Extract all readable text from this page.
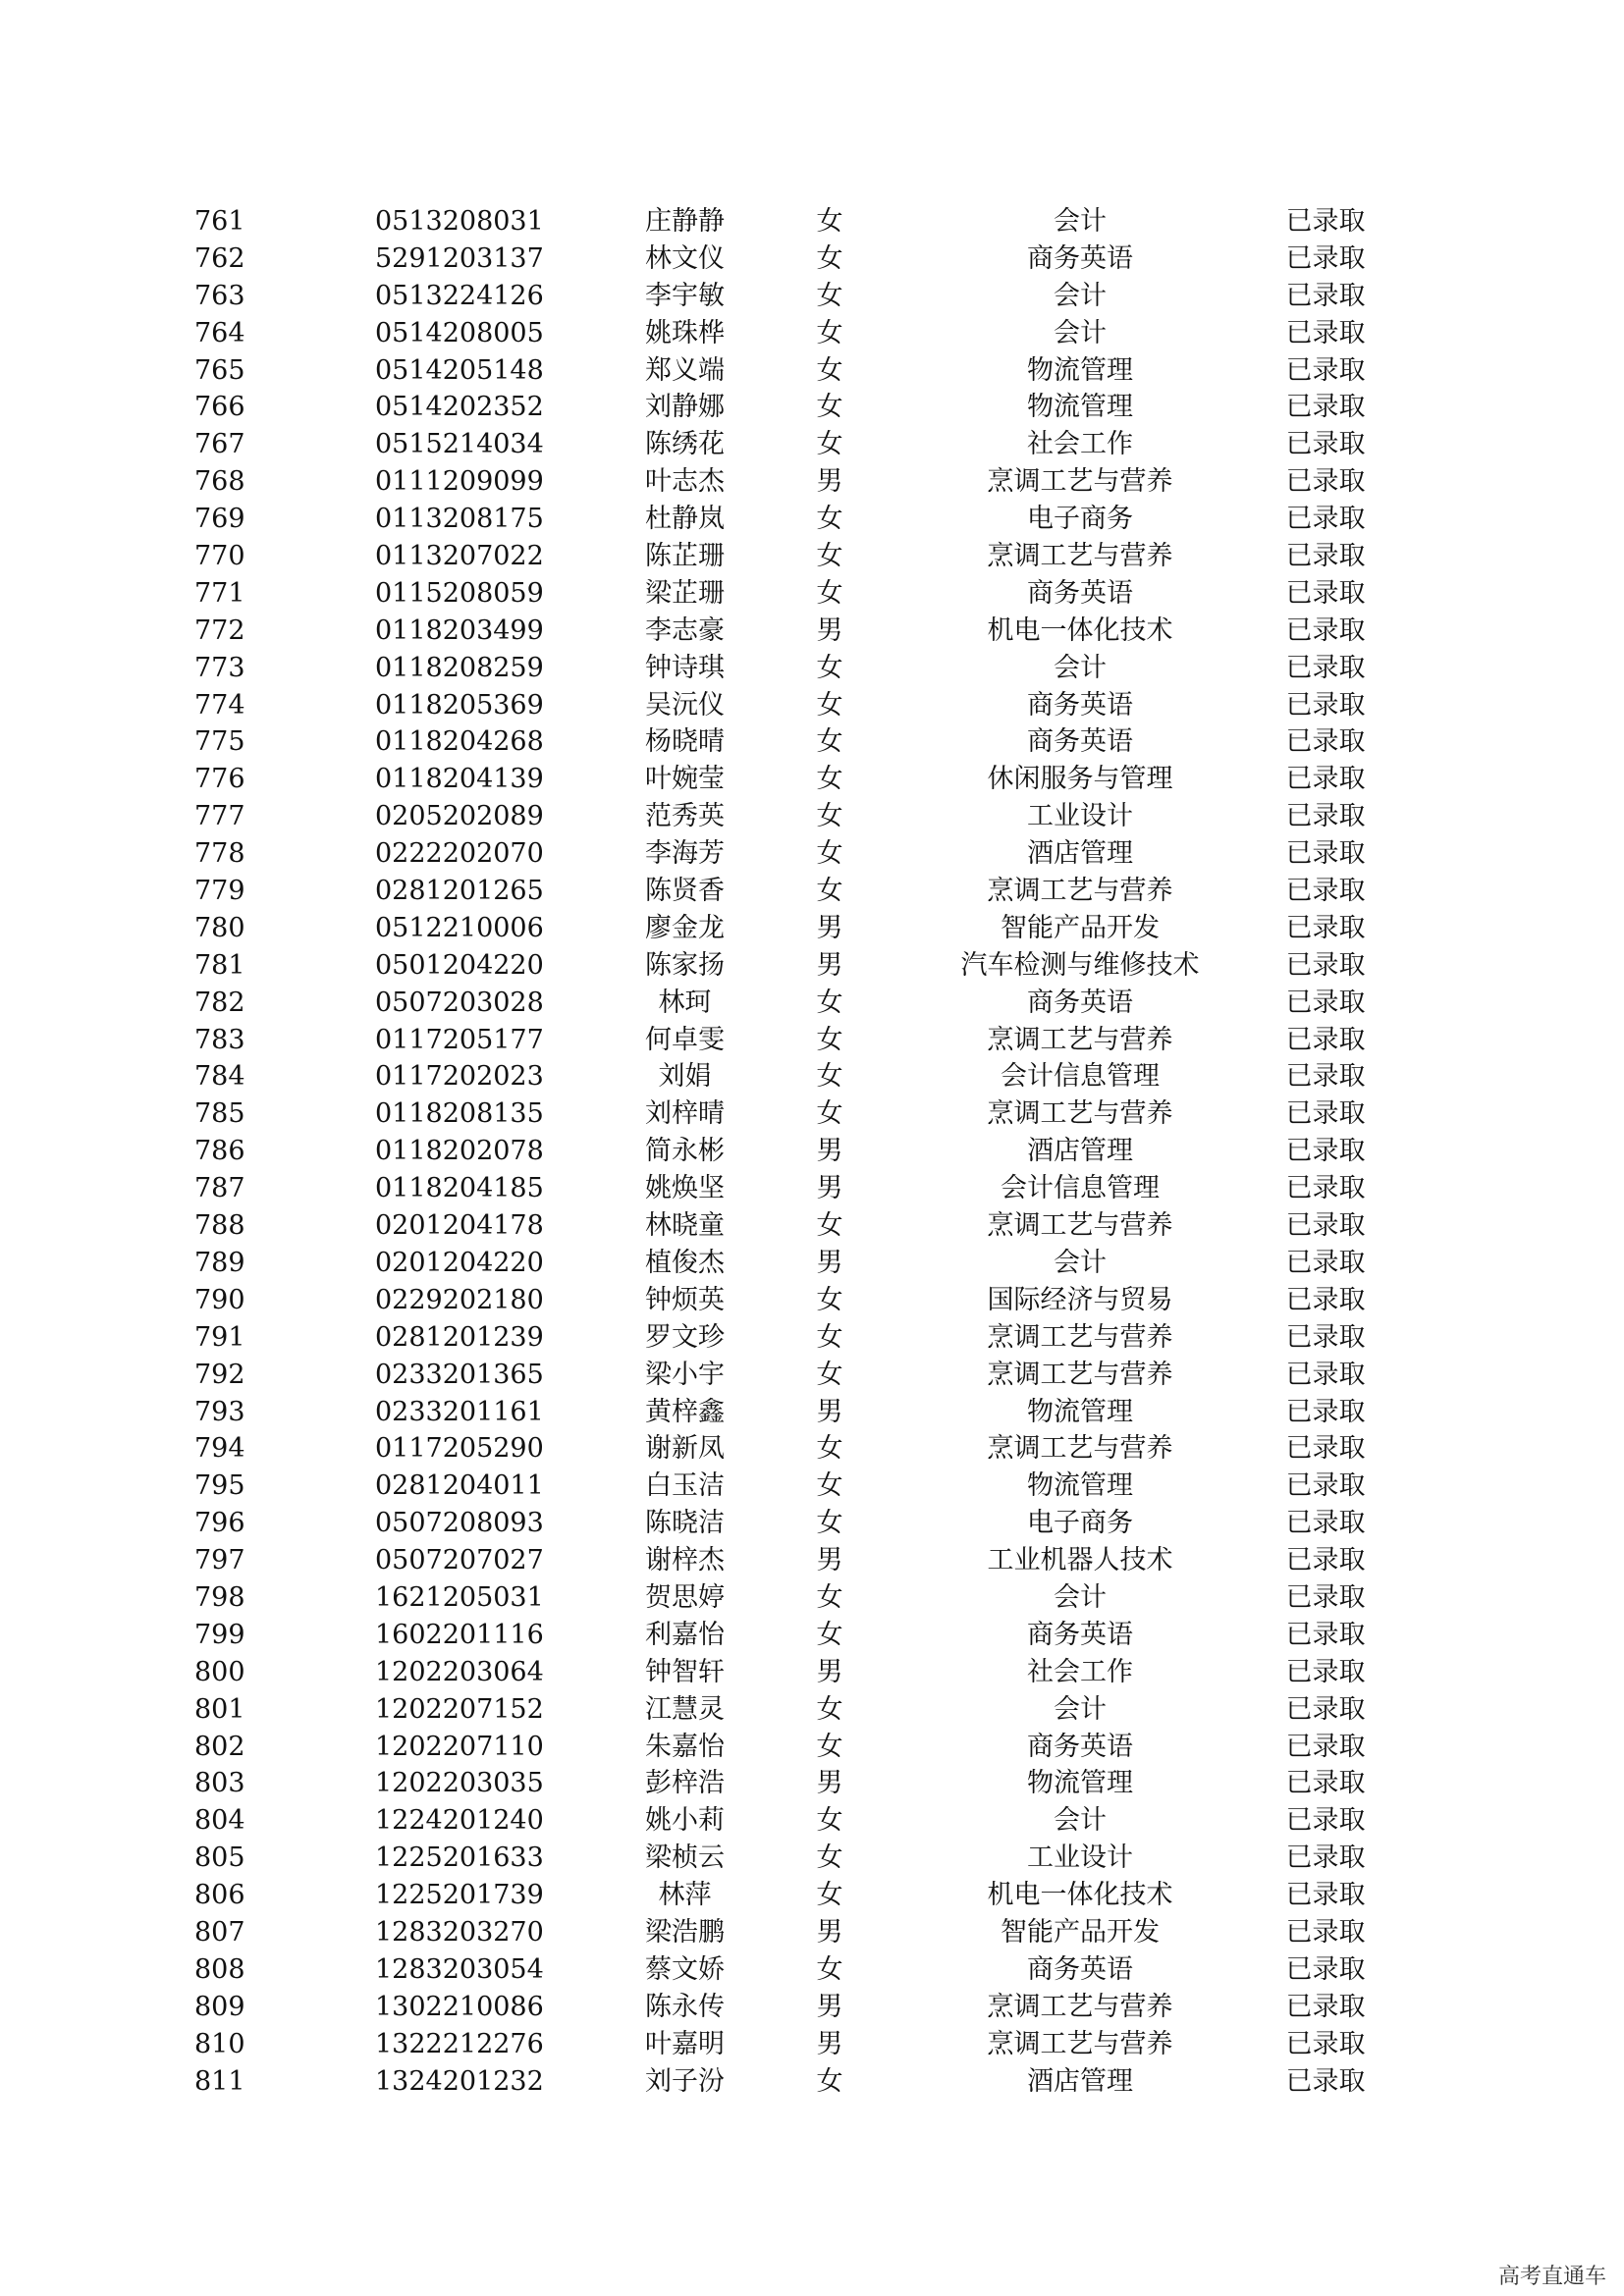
761	0513208031	庄静静	女	会计	已录取
762	5291203137	林文仪	女	商务英语	已录取
763	0513224126	李宇敏	女	会计	已录取
764	0514208005	姚珠桦	女	会计	已录取
765	0514205148	郑义端	女	物流管理	已录取
766	0514202352	刘静娜	女	物流管理	已录取
767	0515214034	陈绣花	女	社会工作	已录取
768	0111209099	叶志杰	男	烹调工艺与营养	已录取
769	0113208175	杜静岚	女	电子商务	已录取
770	0113207022	陈芷珊	女	烹调工艺与营养	已录取
771	0115208059	梁芷珊	女	商务英语	已录取
772	0118203499	李志豪	男	机电一体化技术	已录取
773	0118208259	钟诗琪	女	会计	已录取
774	0118205369	吴沅仪	女	商务英语	已录取
775	0118204268	杨晓晴	女	商务英语	已录取
776	0118204139	叶婉莹	女	休闲服务与管理	已录取
777	0205202089	范秀英	女	工业设计	已录取
778	0222202070	李海芳	女	酒店管理	已录取
779	0281201265	陈贤香	女	烹调工艺与营养	已录取
780	0512210006	廖金龙	男	智能产品开发	已录取
781	0501204220	陈家扬	男	汽车检测与维修技术	已录取
782	0507203028	林珂	女	商务英语	已录取
783	0117205177	何卓雯	女	烹调工艺与营养	已录取
784	0117202023	刘娟	女	会计信息管理	已录取
785	0118208135	刘梓晴	女	烹调工艺与营养	已录取
786	0118202078	简永彬	男	酒店管理	已录取
787	0118204185	姚焕坚	男	会计信息管理	已录取
788	0201204178	林晓童	女	烹调工艺与营养	已录取
789	0201204220	植俊杰	男	会计	已录取
790	0229202180	钟烦英	女	国际经济与贸易	已录取
791	0281201239	罗文珍	女	烹调工艺与营养	已录取
792	0233201365	梁小宇	女	烹调工艺与营养	已录取
793	0233201161	黄梓鑫	男	物流管理	已录取
794	0117205290	谢新凤	女	烹调工艺与营养	已录取
795	0281204011	白玉洁	女	物流管理	已录取
796	0507208093	陈晓洁	女	电子商务	已录取
797	0507207027	谢梓杰	男	工业机器人技术	已录取
798	1621205031	贺思婷	女	会计	已录取
799	1602201116	利嘉怡	女	商务英语	已录取
800	1202203064	钟智轩	男	社会工作	已录取
801	1202207152	江慧灵	女	会计	已录取
802	1202207110	朱嘉怡	女	商务英语	已录取
803	1202203035	彭梓浩	男	物流管理	已录取
804	1224201240	姚小莉	女	会计	已录取
805	1225201633	梁桢云	女	工业设计	已录取
806	1225201739	林萍	女	机电一体化技术	已录取
807	1283203270	梁浩鹏	男	智能产品开发	已录取
808	1283203054	蔡文娇	女	商务英语	已录取
809	1302210086	陈永传	男	烹调工艺与营养	已录取
810	1322212276	叶嘉明	男	烹调工艺与营养	已录取
811	1324201232	刘子汾	女	酒店管理	已录取
高考直通车
